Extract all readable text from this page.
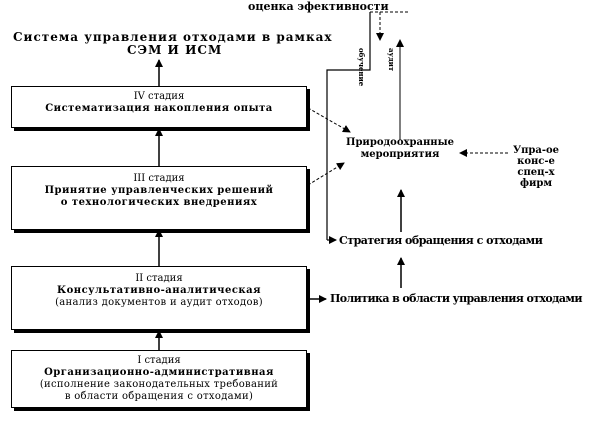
оценка эфективности
Система управления отходами в рамках
СЭМ И ИСМ	обучение	аудит
IV стадия
Систематизация накопления опыта
III стадия
Принятие управленческих решений
о технологических внедрениях
II стадия
Консультативно-аналитическая
(анализ документов и аудит отходов)
I стадия
Организационно-административная
(исполнение законодательных требований
в области обращения с отходами)
Природоохранные
мероприятия	Упра-ое
конс-е
спец-х
фирм
Стратегия обращения с отходами
Политика в области управления отходами
